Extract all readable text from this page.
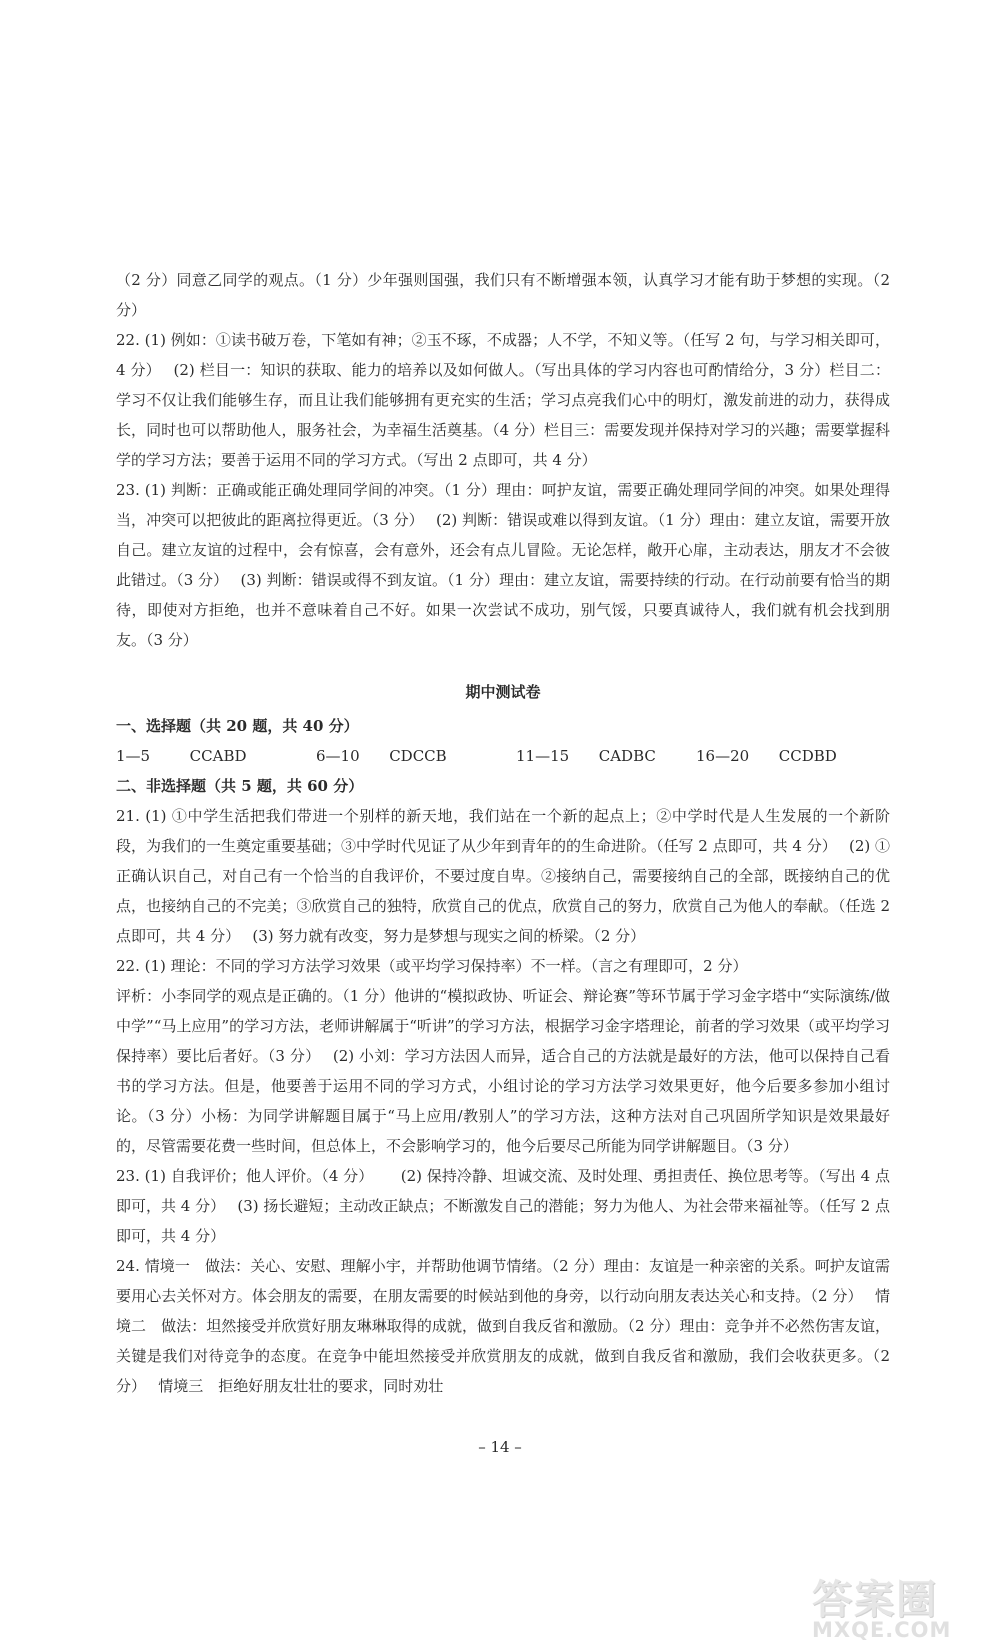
（2 分）同意乙同学的观点。（1 分）少年强则国强，我们只有不断增强本领，认真学习才能有助于梦想的实现。（2 分）

22. (1) 例如：①读书破万卷，下笔如有神；②玉不琢，不成器；人不学，不知义等。（任写 2 句，与学习相关即可，4 分）　 (2) 栏目一：知识的获取、能力的培养以及如何做人。（写出具体的学习内容也可酌情给分，3 分）栏目二：学习不仅让我们能够生存，而且让我们能够拥有更充实的生活；学习点亮我们心中的明灯，激发前进的动力，获得成长，同时也可以帮助他人，服务社会，为幸福生活奠基。（4 分）栏目三：需要发现并保持对学习的兴趣；需要掌握科学的学习方法；要善于运用不同的学习方式。（写出 2 点即可，共 4 分）

23. (1) 判断：正确或能正确处理同学间的冲突。（1 分）理由：呵护友谊，需要正确处理同学间的冲突。如果处理得当，冲突可以把彼此的距离拉得更近。（3 分）　 (2) 判断：错误或难以得到友谊。（1 分）理由：建立友谊，需要开放自己。建立友谊的过程中，会有惊喜，会有意外，还会有点儿冒险。无论怎样，敞开心扉，主动表达，朋友才不会彼此错过。（3 分）　 (3) 判断：错误或得不到友谊。（1 分）理由：建立友谊，需要持续的行动。在行动前要有恰当的期待，即使对方拒绝，也并不意味着自己不好。如果一次尝试不成功，别气馁，只要真诚待人，我们就有机会找到朋友。（3 分）

期中测试卷
一、选择题（共 20 题，共 40 分）
1—5	CCABD	6—10 CDCCB	11—15 CADBC	16—20 CCDBD
二、非选择题（共 5 题，共 60 分）

21. (1) ①中学生活把我们带进一个别样的新天地，我们站在一个新的起点上；②中学时代是人生发展的一个新阶段，为我们的一生奠定重要基础；③中学时代见证了从少年到青年的的生命进阶。（任写 2 点即可，共 4 分）　 (2) ①正确认识自己，对自己有一个恰当的自我评价，不要过度自卑。②接纳自己，需要接纳自己的全部，既接纳自己的优点，也接纳自己的不完美；③欣赏自己的独特，欣赏自己的优点，欣赏自己的努力，欣赏自己为他人的奉献。（任选 2 点即可，共 4 分）　 (3) 努力就有改变，努力是梦想与现实之间的桥梁。（2 分）

22. (1) 理论：不同的学习方法学习效果（或平均学习保持率）不一样。（言之有理即可，2 分）

评析：小李同学的观点是正确的。（1 分）他讲的“模拟政协、听证会、辩论赛”等环节属于学习金字塔中“实际演练/做中学”“马上应用”的学习方法，老师讲解属于“听讲”的学习方法，根据学习金字塔理论，前者的学习效果（或平均学习保持率）要比后者好。（3 分）　 (2) 小刘：学习方法因人而异，适合自己的方法就是最好的方法，他可以保持自己看书的学习方法。但是，他要善于运用不同的学习方式，小组讨论的学习方法学习效果更好，他今后要多参加小组讨论。（3 分）小杨：为同学讲解题目属于“马上应用/教别人”的学习方法，这种方法对自己巩固所学知识是效果最好的，尽管需要花费一些时间，但总体上，不会影响学习的，他今后要尽己所能为同学讲解题目。（3 分）

23. (1) 自我评价；他人评价。（4 分）　　 (2) 保持冷静、坦诚交流、及时处理、勇担责任、换位思考等。（写出 4 点即可，共 4 分）　 (3) 扬长避短；主动改正缺点；不断激发自己的潜能；努力为他人、为社会带来福祉等。（任写 2 点即可，共 4 分）

24. 情境一　做法：关心、安慰、理解小宇，并帮助他调节情绪。（2 分）理由：友谊是一种亲密的关系。呵护友谊需要用心去关怀对方。体会朋友的需要，在朋友需要的时候站到他的身旁，以行动向朋友表达关心和支持。（2 分）　 情境二　做法：坦然接受并欣赏好朋友琳琳取得的成就，做到自我反省和激励。（2 分）理由：竞争并不必然伤害友谊，关键是我们对待竞争的态度。在竞争中能坦然接受并欣赏朋友的成就，做到自我反省和激励，我们会收获更多。（2 分）　 情境三　拒绝好朋友壮壮的要求，同时劝壮

– 14 –
答案圈
MXQE.COM
